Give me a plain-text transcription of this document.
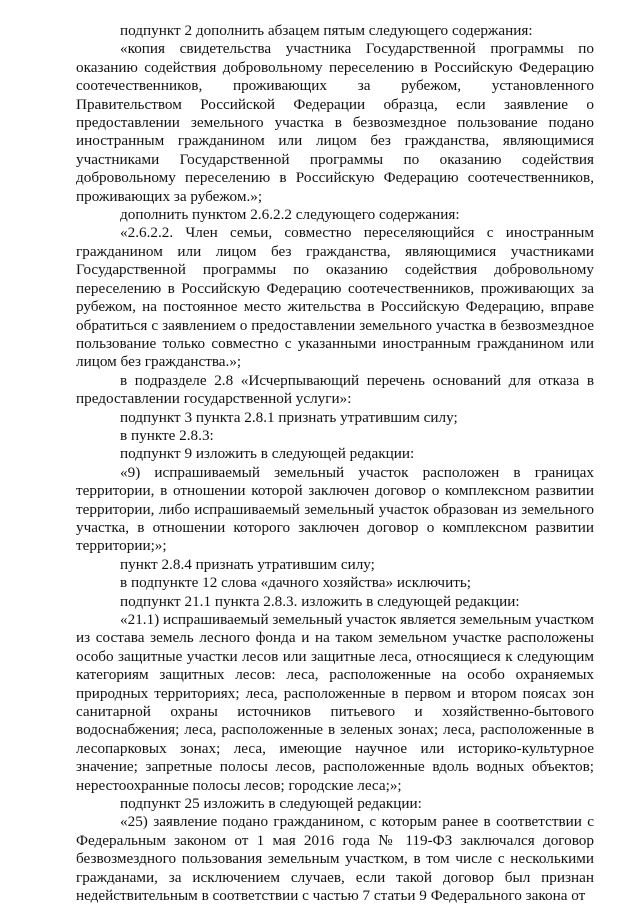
подпункт 2 дополнить абзацем пятым следующего содержания:

«копия свидетельства участника Государственной программы по оказанию содействия добровольному переселению в Российскую Федерацию соотечественников, проживающих за рубежом, установленного Правительством Российской Федерации образца, если заявление о предоставлении земельного участка в безвозмездное пользование подано иностранным гражданином или лицом без гражданства, являющимися участниками Государственной программы по оказанию содействия добровольному переселению в Российскую Федерацию соотечественников, проживающих за рубежом.»;

дополнить пунктом 2.6.2.2 следующего содержания:

«2.6.2.2. Член семьи, совместно переселяющийся с иностранным гражданином или лицом без гражданства, являющимися участниками Государственной программы по оказанию содействия добровольному переселению в Российскую Федерацию соотечественников, проживающих за рубежом, на постоянное место жительства в Российскую Федерацию, вправе обратиться с заявлением о предоставлении земельного участка в безвозмездное пользование только совместно с указанными иностранным гражданином или лицом без гражданства.»;

в подразделе 2.8 «Исчерпывающий перечень оснований для отказа в предоставлении государственной услуги»:

подпункт 3 пункта 2.8.1 признать утратившим силу;

в пункте 2.8.3:

подпункт 9 изложить в следующей редакции:

«9) испрашиваемый земельный участок расположен в границах территории, в отношении которой заключен договор о комплексном развитии территории, либо испрашиваемый земельный участок образован из земельного участка, в отношении которого заключен договор о комплексном развитии территории;»;

пункт 2.8.4 признать утратившим силу;

в подпункте 12 слова «дачного хозяйства» исключить;

подпункт 21.1 пункта 2.8.3. изложить в следующей редакции:

«21.1) испрашиваемый земельный участок является земельным участком из состава земель лесного фонда и на таком земельном участке расположены особо защитные участки лесов или защитные леса, относящиеся к следующим категориям защитных лесов: леса, расположенные на особо охраняемых природных территориях; леса, расположенные в первом и втором поясах зон санитарной охраны источников питьевого и хозяйственно-бытового водоснабжения; леса, расположенные в зеленых зонах; леса, расположенные в лесопарковых зонах; леса, имеющие научное или историко-культурное значение; запретные полосы лесов, расположенные вдоль водных объектов; нерестоохранные полосы лесов; городские леса;»;

подпункт 25 изложить в следующей редакции:

«25) заявление подано гражданином, с которым ранее в соответствии с Федеральным законом от 1 мая 2016 года № 119-ФЗ заключался договор безвозмездного пользования земельным участком, в том числе с несколькими гражданами, за исключением случаев, если такой договор был признан недействительным в соответствии с частью 7 статьи 9 Федерального закона от
